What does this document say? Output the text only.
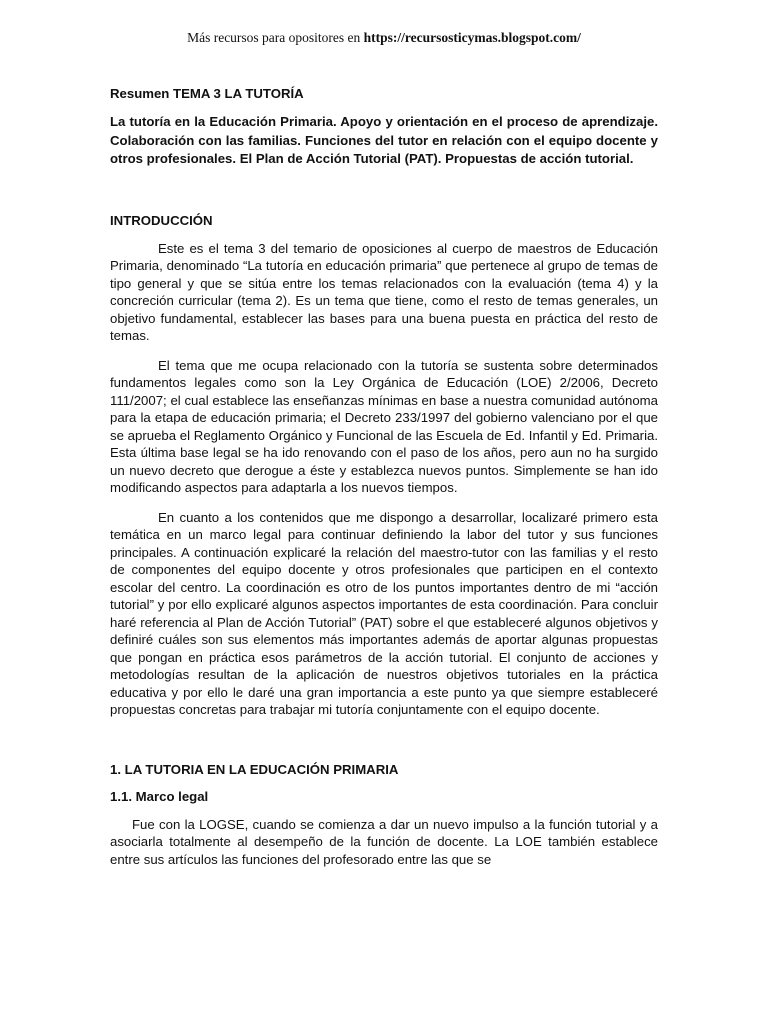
Más recursos para opositores en https://recursosticymas.blogspot.com/
Resumen TEMA 3 LA TUTORÍA
La tutoría en la Educación Primaria. Apoyo y orientación en el proceso de aprendizaje. Colaboración con las familias. Funciones del tutor en relación con el equipo docente y otros profesionales. El Plan de Acción Tutorial (PAT). Propuestas de acción tutorial.
INTRODUCCIÓN

Este es el tema 3 del temario de oposiciones al cuerpo de maestros de Educación Primaria, denominado “La tutoría en educación primaria” que pertenece al grupo de temas de tipo general y que se sitúa entre los temas relacionados con la evaluación (tema 4) y la concreción curricular (tema 2). Es un tema que tiene, como el resto de temas generales, un objetivo fundamental, establecer las bases para una buena puesta en práctica del resto de temas.

El tema que me ocupa relacionado con la tutoría se sustenta sobre determinados fundamentos legales como son la Ley Orgánica de Educación (LOE) 2/2006, Decreto 111/2007; el cual establece las enseñanzas mínimas en base a nuestra comunidad autónoma para la etapa de educación primaria; el Decreto 233/1997 del gobierno valenciano por el que se aprueba el Reglamento Orgánico y Funcional de las Escuela de Ed. Infantil y Ed. Primaria. Esta última base legal se ha ido renovando con el paso de los años, pero aun no ha surgido un nuevo decreto que derogue a éste y establezca nuevos puntos. Simplemente se han ido modificando aspectos para adaptarla a los nuevos tiempos.

En cuanto a los contenidos que me dispongo a desarrollar, localizaré primero esta temática en un marco legal para continuar definiendo la labor del tutor y sus funciones principales. A continuación explicaré la relación del maestro-tutor con las familias y el resto de componentes del equipo docente y otros profesionales que participen en el contexto escolar del centro. La coordinación es otro de los puntos importantes dentro de mi “acción tutorial” y por ello explicaré algunos aspectos importantes de esta coordinación. Para concluir haré referencia al Plan de Acción Tutorial” (PAT) sobre el que estableceré algunos objetivos y definiré cuáles son sus elementos más importantes además de aportar algunas propuestas que pongan en práctica esos parámetros de la acción tutorial. El conjunto de acciones y metodologías resultan de la aplicación de nuestros objetivos tutoriales en la práctica educativa y por ello le daré una gran importancia a este punto ya que siempre estableceré propuestas concretas para trabajar mi tutoría conjuntamente con el equipo docente.

1. LA TUTORIA EN LA EDUCACIÓN PRIMARIA
1.1. Marco legal

Fue con la LOGSE, cuando se comienza a dar un nuevo impulso a la función tutorial y a asociarla totalmente al desempeño de la función de docente. La LOE también establece entre sus artículos las funciones del profesorado entre las que se
